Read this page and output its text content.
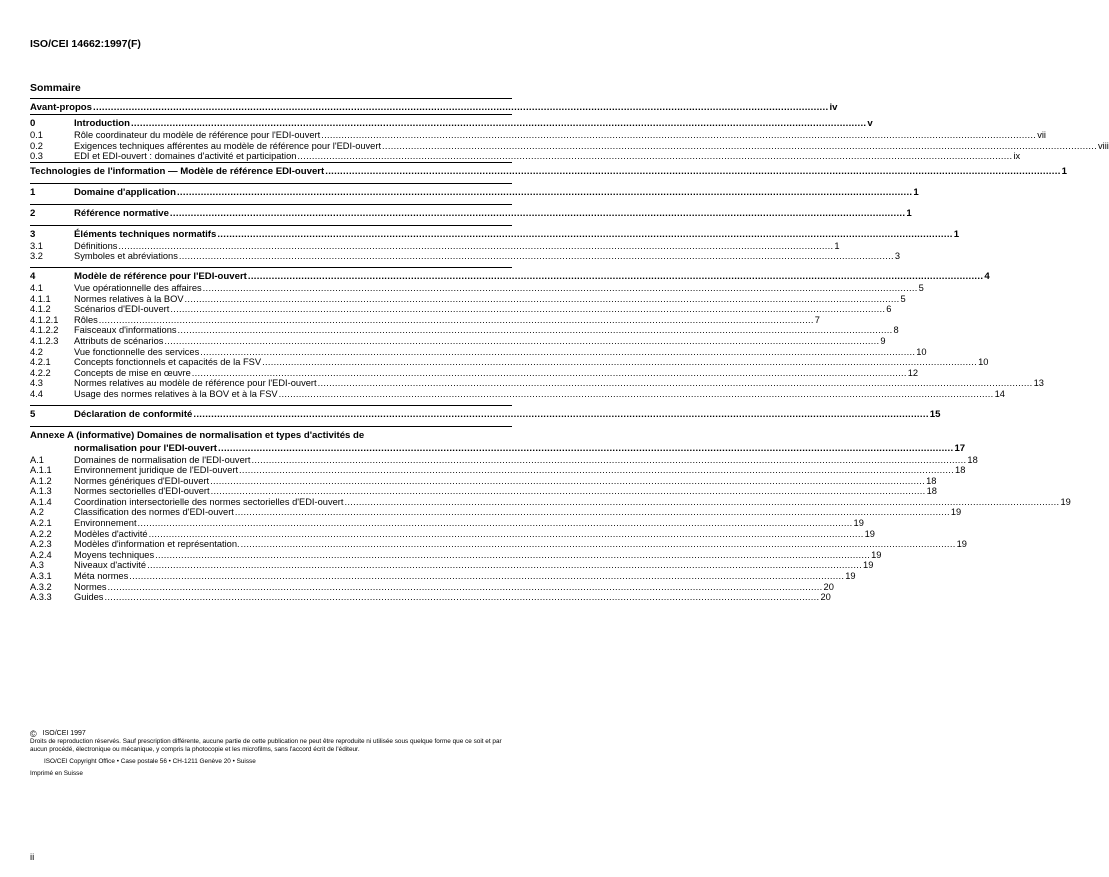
ISO/CEI 14662:1997(F)
Sommaire
Avant-propos .....	iv
0	Introduction .....	v
0.1	Rôle coordinateur du modèle de référence pour l'EDI-ouvert .....	vii
0.2	Exigences techniques afférentes au modèle de référence pour l'EDI-ouvert .....	viii
0.3	EDI et EDI-ouvert : domaines d'activité et participation .....	ix
Technologies de l'information — Modèle de référence EDI-ouvert .....	1
1	Domaine d'application .....	1
2	Référence normative .....	1
3	Éléments techniques normatifs .....	1
3.1	Définitions .....	1
3.2	Symboles et abréviations .....	3
4	Modèle de référence pour l'EDI-ouvert .....	4
4.1	Vue opérationnelle des affaires .....	5
4.1.1	Normes relatives à la BOV .....	5
4.1.2	Scénarios d'EDI-ouvert .....	6
4.1.2.1	Rôles .....	7
4.1.2.2	Faisceaux d'informations .....	8
4.1.2.3	Attributs de scénarios .....	9
4.2	Vue fonctionnelle des services .....	10
4.2.1	Concepts fonctionnels et capacités de la FSV .....	10
4.2.2	Concepts de mise en œuvre .....	12
4.3	Normes relatives au modèle de référence pour l'EDI-ouvert .....	13
4.4	Usage des normes relatives à la BOV et à la FSV .....	14
5	Déclaration de conformité .....	15
Annexe A (informative) Domaines de normalisation et types d'activités de
normalisation pour l'EDI-ouvert .....	17
A.1	Domaines de normalisation de l'EDI-ouvert .....	18
A.1.1	Environnement juridique de l'EDI-ouvert .....	18
A.1.2	Normes génériques d'EDI-ouvert .....	18
A.1.3	Normes sectorielles d'EDI-ouvert .....	18
A.1.4	Coordination intersectorielle des normes sectorielles d'EDI-ouvert .....	19
A.2	Classification des normes d'EDI-ouvert .....	19
A.2.1	Environnement .....	19
A.2.2	Modèles d'activité .....	19
A.2.3	Modèles d'information et représentation. .....	19
A.2.4	Moyens techniques .....	19
A.3	Niveaux d'activité .....	19
A.3.1	Méta normes .....	19
A.3.2	Normes .....	20
A.3.3	Guides .....	20
© ISO/CEI 1997
Droits de reproduction réservés. Sauf prescription différente, aucune partie de cette publication ne peut être reproduite ni utilisée sous quelque forme que ce soit et par aucun procédé, électronique ou mécanique, y compris la photocopie et les microfilms, sans l'accord écrit de l'éditeur.
ISO/CEI Copyright Office • Case postale 56 • CH-1211 Genève 20 • Suisse
Imprimé en Suisse
ii
